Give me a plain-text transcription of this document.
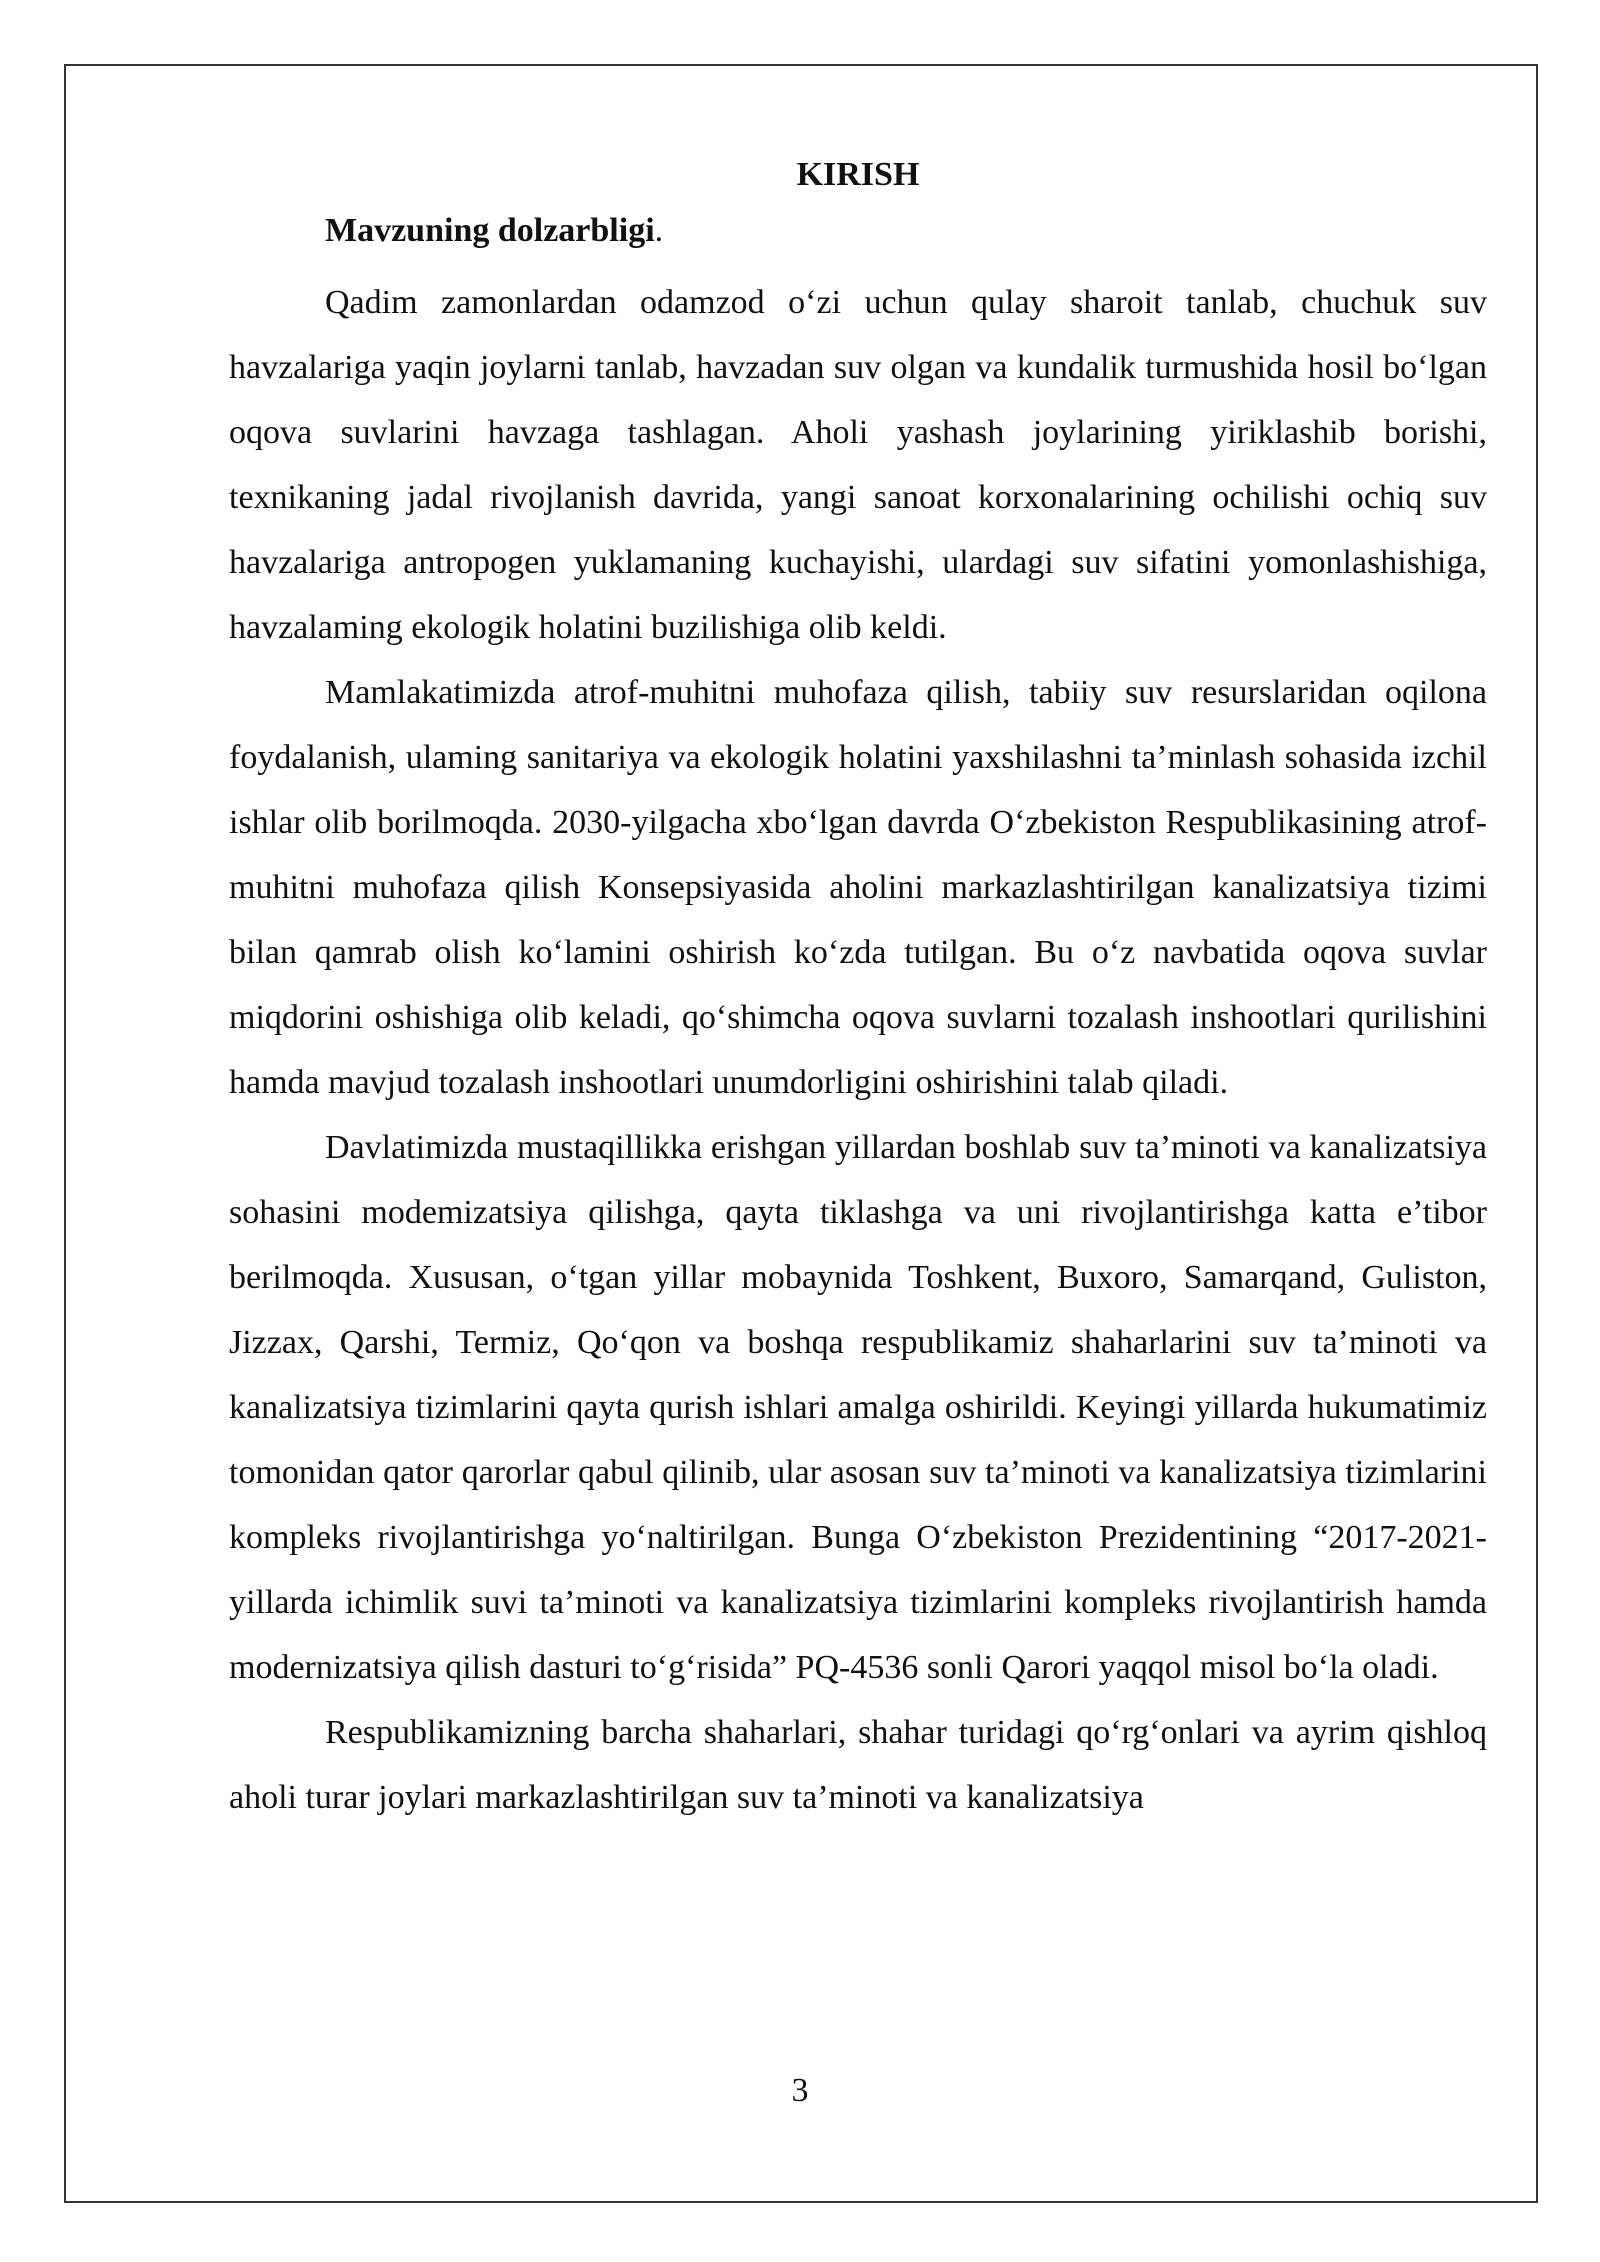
KIRISH

Mavzuning dolzarbligi.

Qadim zamonlardan odamzod o‘zi uchun qulay sharoit tanlab, chuchuk suv havzalariga yaqin joylarni tanlab, havzadan suv olgan va kundalik turmushida hosil bo‘lgan oqova suvlarini havzaga tashlagan. Aholi yashash joylarining yiriklashib borishi, texnikaning jadal rivojlanish davrida, yangi sanoat korxonalarining ochilishi ochiq suv havzalariga antropogen yuklamaning kuchayishi, ulardagi suv sifatini yomonlashishiga, havzalaming ekologik holatini buzilishiga olib keldi.

Mamlakatimizda atrof-muhitni muhofaza qilish, tabiiy suv resurslaridan oqilona foydalanish, ulaming sanitariya va ekologik holatini yaxshilashni ta’minlash sohasida izchil ishlar olib borilmoqda. 2030-yilgacha xbo‘lgan davrda O‘zbekiston Respublikasining atrof-muhitni muhofaza qilish Konsepsiyasida aholini markazlashtirilgan kanalizatsiya tizimi bilan qamrab olish ko‘lamini oshirish ko‘zda tutilgan. Bu o‘z navbatida oqova suvlar miqdorini oshishiga olib keladi, qo‘shimcha oqova suvlarni tozalash inshootlari qurilishini hamda mavjud tozalash inshootlari unumdorligini oshirishini talab qiladi.

Davlatimizda mustaqillikka erishgan yillardan boshlab suv ta’minoti va kanalizatsiya sohasini modemizatsiya qilishga, qayta tiklashga va uni rivojlantirishga katta e’tibor berilmoqda. Xususan, o‘tgan yillar mobaynida Toshkent, Buxoro, Samarqand, Guliston, Jizzax, Qarshi, Termiz, Qo‘qon va boshqa respublikamiz shaharlarini suv ta’minoti va kanalizatsiya tizimlarini qayta qurish ishlari amalga oshirildi. Keyingi yillarda hukumatimiz tomonidan qator qarorlar qabul qilinib, ular asosan suv ta’minoti va kanalizatsiya tizimlarini kompleks rivojlantirishga yo‘naltirilgan. Bunga O‘zbekiston Prezidentining “2017-2021-yillarda ichimlik suvi ta’minoti va kanalizatsiya tizimlarini kompleks rivojlantirish hamda modernizatsiya qilish dasturi to‘g‘risida” PQ-4536 sonli Qarori yaqqol misol bo‘la oladi.

Respublikamizning barcha shaharlari, shahar turidagi qo‘rg‘onlari va ayrim qishloq aholi turar joylari markazlashtirilgan suv ta’minoti va kanalizatsiya

3
